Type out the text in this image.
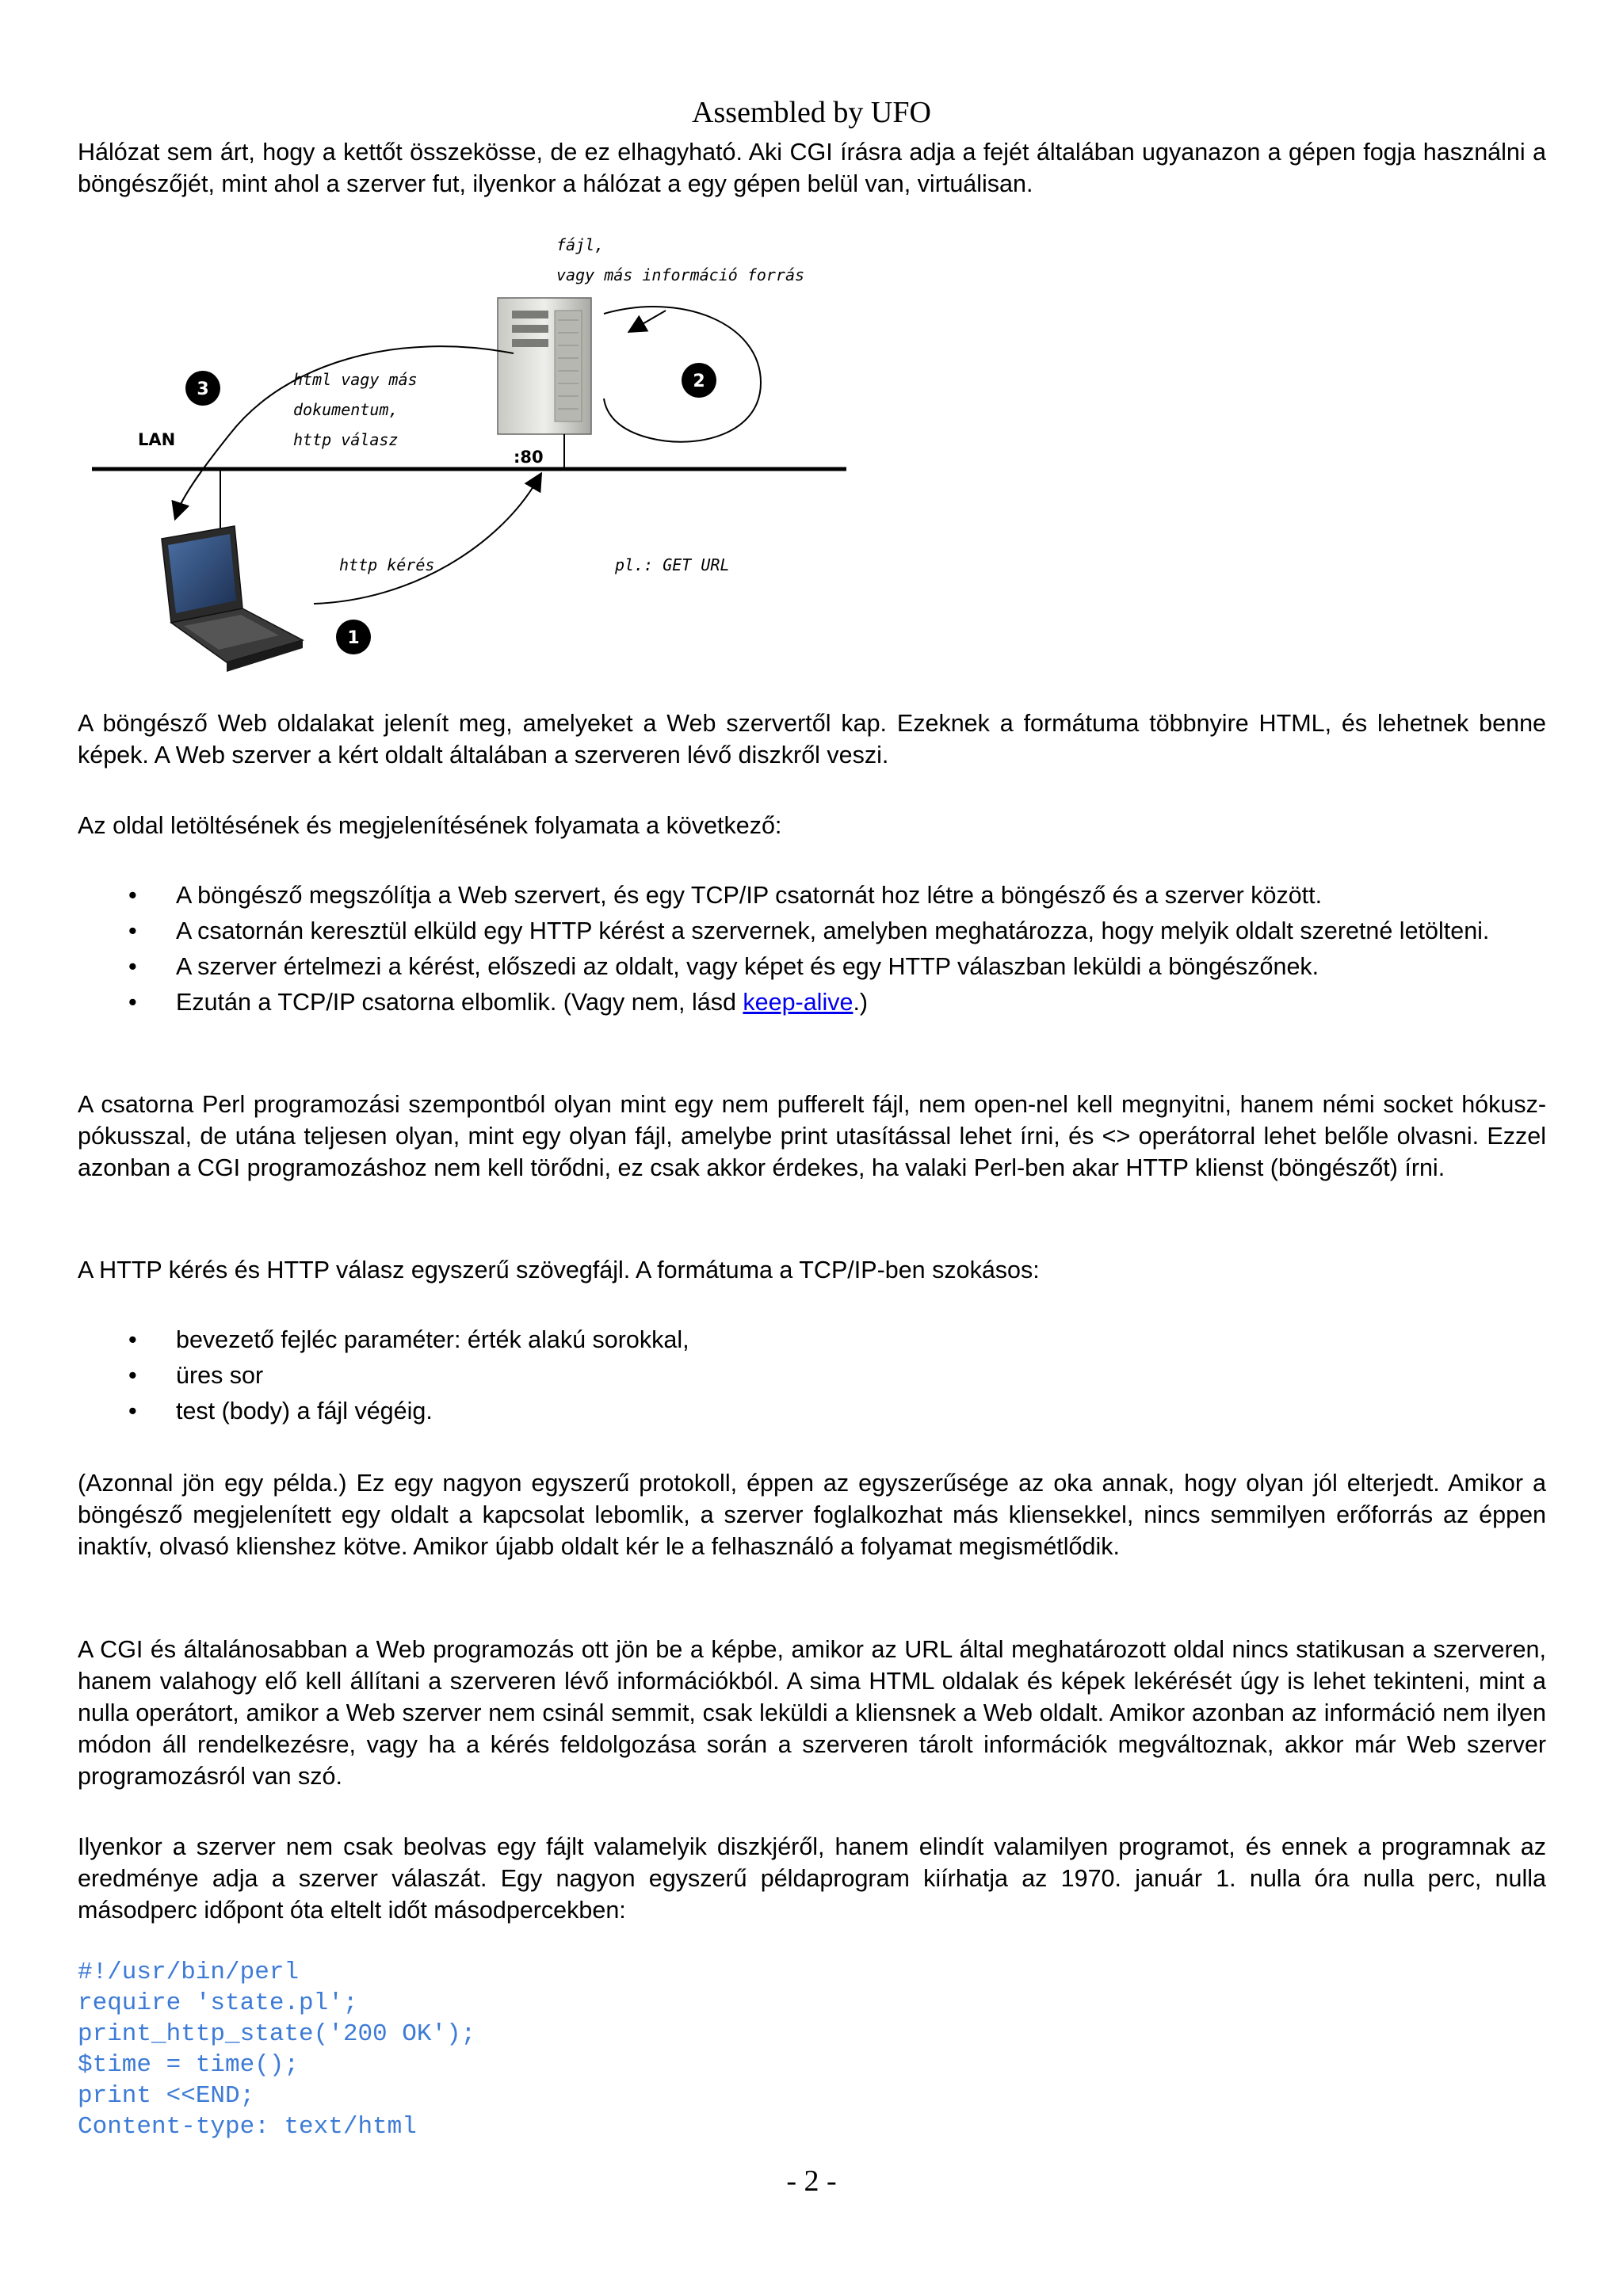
Assembled by UFO

Hálózat sem árt, hogy a kettőt összekösse, de ez elhagyható. Aki CGI írásra adja a fejét általában ugyanazon a gépen fogja használni a böngészőjét, mint ahol a szerver fut, ilyenkor a hálózat a egy gépen belül van, virtuálisan.

fájl,
vagy más információ forrás
2
3	html vagy más
dokumentum,
http válasz
LAN
:80
http kérés	pl.: GET URL
1

A böngésző Web oldalakat jelenít meg, amelyeket a Web szervertől kap. Ezeknek a formátuma többnyire HTML, és lehetnek benne képek. A Web szerver a kért oldalt általában a szerveren lévő diszkről veszi.

Az oldal letöltésének és megjelenítésének folyamata a következő:

• A böngésző megszólítja a Web szervert, és egy TCP/IP csatornát hoz létre a böngésző és a szerver között.
• A csatornán keresztül elküld egy HTTP kérést a szervernek, amelyben meghatározza, hogy melyik oldalt szeretné letölteni.
• A szerver értelmezi a kérést, előszedi az oldalt, vagy képet és egy HTTP válaszban leküldi a böngészőnek.
• Ezután a TCP/IP csatorna elbomlik. (Vagy nem, lásd keep-alive.)

A csatorna Perl programozási szempontból olyan mint egy nem pufferelt fájl, nem open-nel kell megnyitni, hanem némi socket hókusz-pókusszal, de utána teljesen olyan, mint egy olyan fájl, amelybe print utasítással lehet írni, és <> operátorral lehet belőle olvasni. Ezzel azonban a CGI programozáshoz nem kell törődni, ez csak akkor érdekes, ha valaki Perl-ben akar HTTP klienst (böngészőt) írni.

A HTTP kérés és HTTP válasz egyszerű szövegfájl. A formátuma a TCP/IP-ben szokásos:

• bevezető fejléc paraméter: érték alakú sorokkal,
• üres sor
• test (body) a fájl végéig.

(Azonnal jön egy példa.) Ez egy nagyon egyszerű protokoll, éppen az egyszerűsége az oka annak, hogy olyan jól elterjedt. Amikor a böngésző megjelenített egy oldalt a kapcsolat lebomlik, a szerver foglalkozhat más kliensekkel, nincs semmilyen erőforrás az éppen inaktív, olvasó klienshez kötve. Amikor újabb oldalt kér le a felhasználó a folyamat megismétlődik.

A CGI és általánosabban a Web programozás ott jön be a képbe, amikor az URL által meghatározott oldal nincs statikusan a szerveren, hanem valahogy elő kell állítani a szerveren lévő információkból. A sima HTML oldalak és képek lekérését úgy is lehet tekinteni, mint a nulla operátort, amikor a Web szerver nem csinál semmit, csak leküldi a kliensnek a Web oldalt. Amikor azonban az információ nem ilyen módon áll rendelkezésre, vagy ha a kérés feldolgozása során a szerveren tárolt információk megváltoznak, akkor már Web szerver programozásról van szó.

Ilyenkor a szerver nem csak beolvas egy fájlt valamelyik diszkjéről, hanem elindít valamilyen programot, és ennek a programnak az eredménye adja a szerver válaszát. Egy nagyon egyszerű példaprogram kiírhatja az 1970. január 1. nulla óra nulla perc, nulla másodperc időpont óta eltelt időt másodpercekben:

#!/usr/bin/perl
require 'state.pl';
print_http_state('200 OK');
$time = time();
print <<END;
Content-type: text/html
- 2 -
